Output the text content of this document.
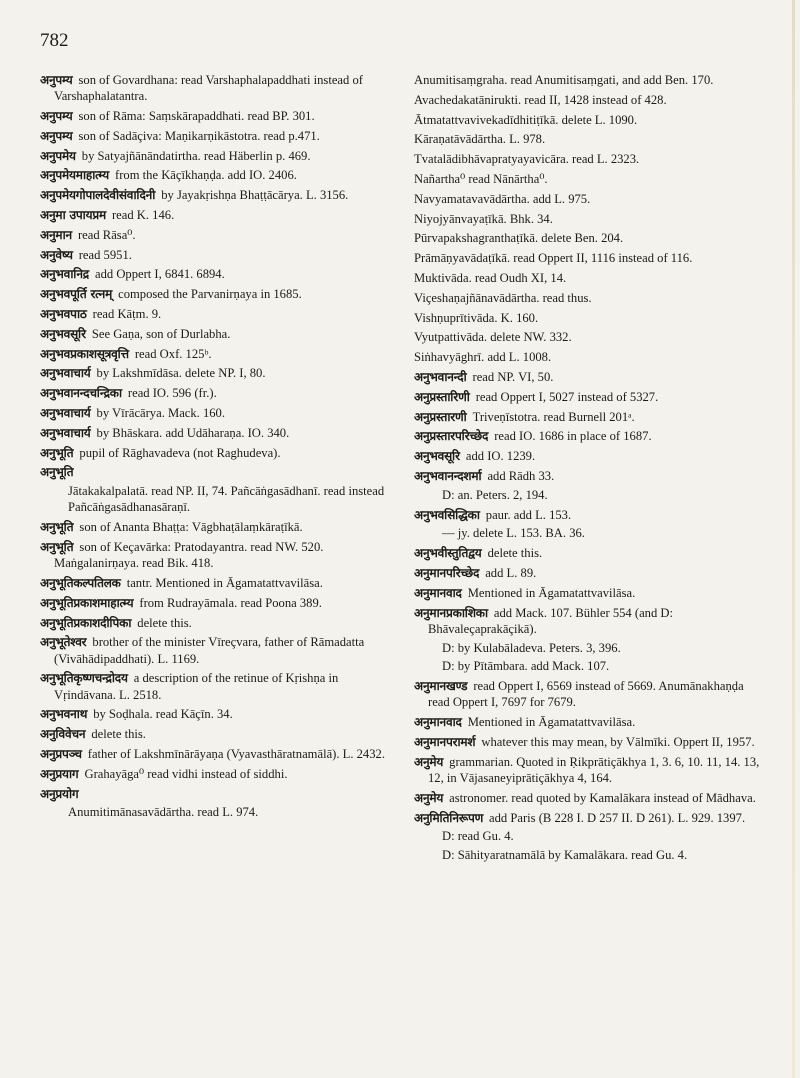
782
अनुपम्य son of Govardhana: read Varshaphalapaddhati instead of Varshaphalatantra.
अनुपम्य son of Rāma: Saṃskārapaddhati. read BP. 301.
अनुपम्य son of Sadāçiva: Maṇikarṇikāstotra. read p.471.
अनुपमेय by Satyajñānāndatirtha. read Häberlin p. 469.
अनुपमेयमाहात्म्य from the Kāçīkhaṇḍa. add IO. 2406.
अनुपमेयगोपालदेवीसंवादिनी by Jayakṛishṇa Bhaṭṭācārya. L. 3156.
अनुमा उपायप्रम read K. 146.
अनुमान read Rāsa⁰.
अनुवेष्य read 5951.
अनुभवानिद्र add Oppert I, 6841. 6894.
अनुभवपूर्ति रत्नम् composed the Parvanirṇaya in 1685.
अनुभवपाठ read Kāṭm. 9.
अनुभवसूरि See Gaṇa, son of Durlabha.
अनुभवप्रकाशसूत्रवृत्ति read Oxf. 125ᵇ.
अनुभवाचार्य by Lakshmīdāsa. delete NP. I, 80.
अनुभवानन्दचन्द्रिका read IO. 596 (fr.).
अनुभवाचार्य by Vīrācārya. Mack. 160.
अनुभवाचार्य by Bhāskara. add Udāharaṇa. IO. 340.
अनुभूति pupil of Rāghavadeva (not Raghudeva).
अनुभूति
Jātakakalpalatā. read NP. II, 74. Pañcāṅgasādhanī. read instead Pañcāṅgasādhanasāraṇī.
अनुभूति son of Ananta Bhaṭṭa: Vāgbhaṭālaṃkāraṭīkā.
अनुभूति son of Keçavārka: Pratodayantra. read NW. 520. Maṅgalanirṇaya. read Bik. 418.
अनुभूतिकल्पतिलक tantr. Mentioned in Āgamatattvavilāsa.
अनुभूतिप्रकाशमाहात्म्य from Rudrayāmala. read Poona 389.
अनुभूतिप्रकाशदीपिका delete this.
अनुभूतेश्वर brother of the minister Vīreçvara, father of Rāmadatta (Vivāhādipaddhati). L. 1169.
अनुभूतिकृष्णचन्द्रोदय a description of the retinue of Kṛishṇa in Vṛindāvana. L. 2518.
अनुभवनाथ by Soḍhala. read Kāçīn. 34.
अनुविवेचन delete this.
अनुप्रपञ्च father of Lakshmīnārāyaṇa (Vyavasthāratnamālā). L. 2432.
अनुप्रयाग Grahayāga⁰ read vidhi instead of siddhi.
अनुप्रयोग
Anumitimānasavādārtha. read L. 974.
Anumitisaṃgraha. read Anumitisaṃgati, and add Ben. 170.
Avachedakatānirukti. read II, 1428 instead of 428.
Ātmatattvavivekadīdhitiṭīkā. delete L. 1090.
Kāraṇatāvādārtha. L. 978.
Tvatalādibhāvapratyayavicāra. read L. 2323.
Nañartha⁰ read Nānārtha⁰.
Navyamatavavādārtha. add L. 975.
Niyojyānvayaṭīkā. Bhk. 34.
Pūrvapakshagranthaṭīkā. delete Ben. 204.
Prāmāṇyavādaṭīkā. read Oppert II, 1116 instead of 116.
Muktivāda. read Oudh XI, 14.
Viçeshaṇajñānavādārtha. read thus.
Vishṇuprītivāda. K. 160.
Vyutpattivāda. delete NW. 332.
Siṅhavyāghrī. add L. 1008.
अनुभवानन्दी read NP. VI, 50.
अनुप्रस्तारिणी read Oppert I, 5027 instead of 5327.
अनुप्रस्तारणी Triveṇīstotra. read Burnell 201ᵃ.
अनुप्रस्तारपरिच्छेद read IO. 1686 in place of 1687.
अनुभवसूरि add IO. 1239.
अनुभवानन्दशर्मा add Rādh 33.
D: an. Peters. 2, 194.
अनुभवसिद्धिका paur. add L. 153.
— jy. delete L. 153. BA. 36.
अनुभवीस्तुतिद्वय delete this.
अनुमानपरिच्छेद add L. 89.
अनुमानवाद Mentioned in Āgamatattvavilāsa.
अनुमानप्रकाशिका add Mack. 107. Bühler 554 (and D: Bhāvaleçaprakāçikā).
D: by Kulabāladeva. Peters. 3, 396.
D: by Pītāmbara. add Mack. 107.
अनुमानखण्ड read Oppert I, 6569 instead of 5669. Anumānakhaṇḍa read Oppert I, 7697 for 7679.
अनुमानवाद Mentioned in Āgamatattvavilāsa.
अनुमानपरामर्श whatever this may mean, by Vālmīki. Oppert II, 1957.
अनुमेय grammarian. Quoted in Ṛikprātiçākhya 1, 3. 6, 10. 11, 14. 13, 12, in Vājasaneyiprātiçākhya 4, 164.
अनुमेय astronomer. read quoted by Kamalākara instead of Mādhava.
अनुमितिनिरूपण add Paris (B 228 I. D 257 II. D 261). L. 929. 1397.
D: read Gu. 4.
D: Sāhityaratnamālā by Kamalākara. read Gu. 4.
